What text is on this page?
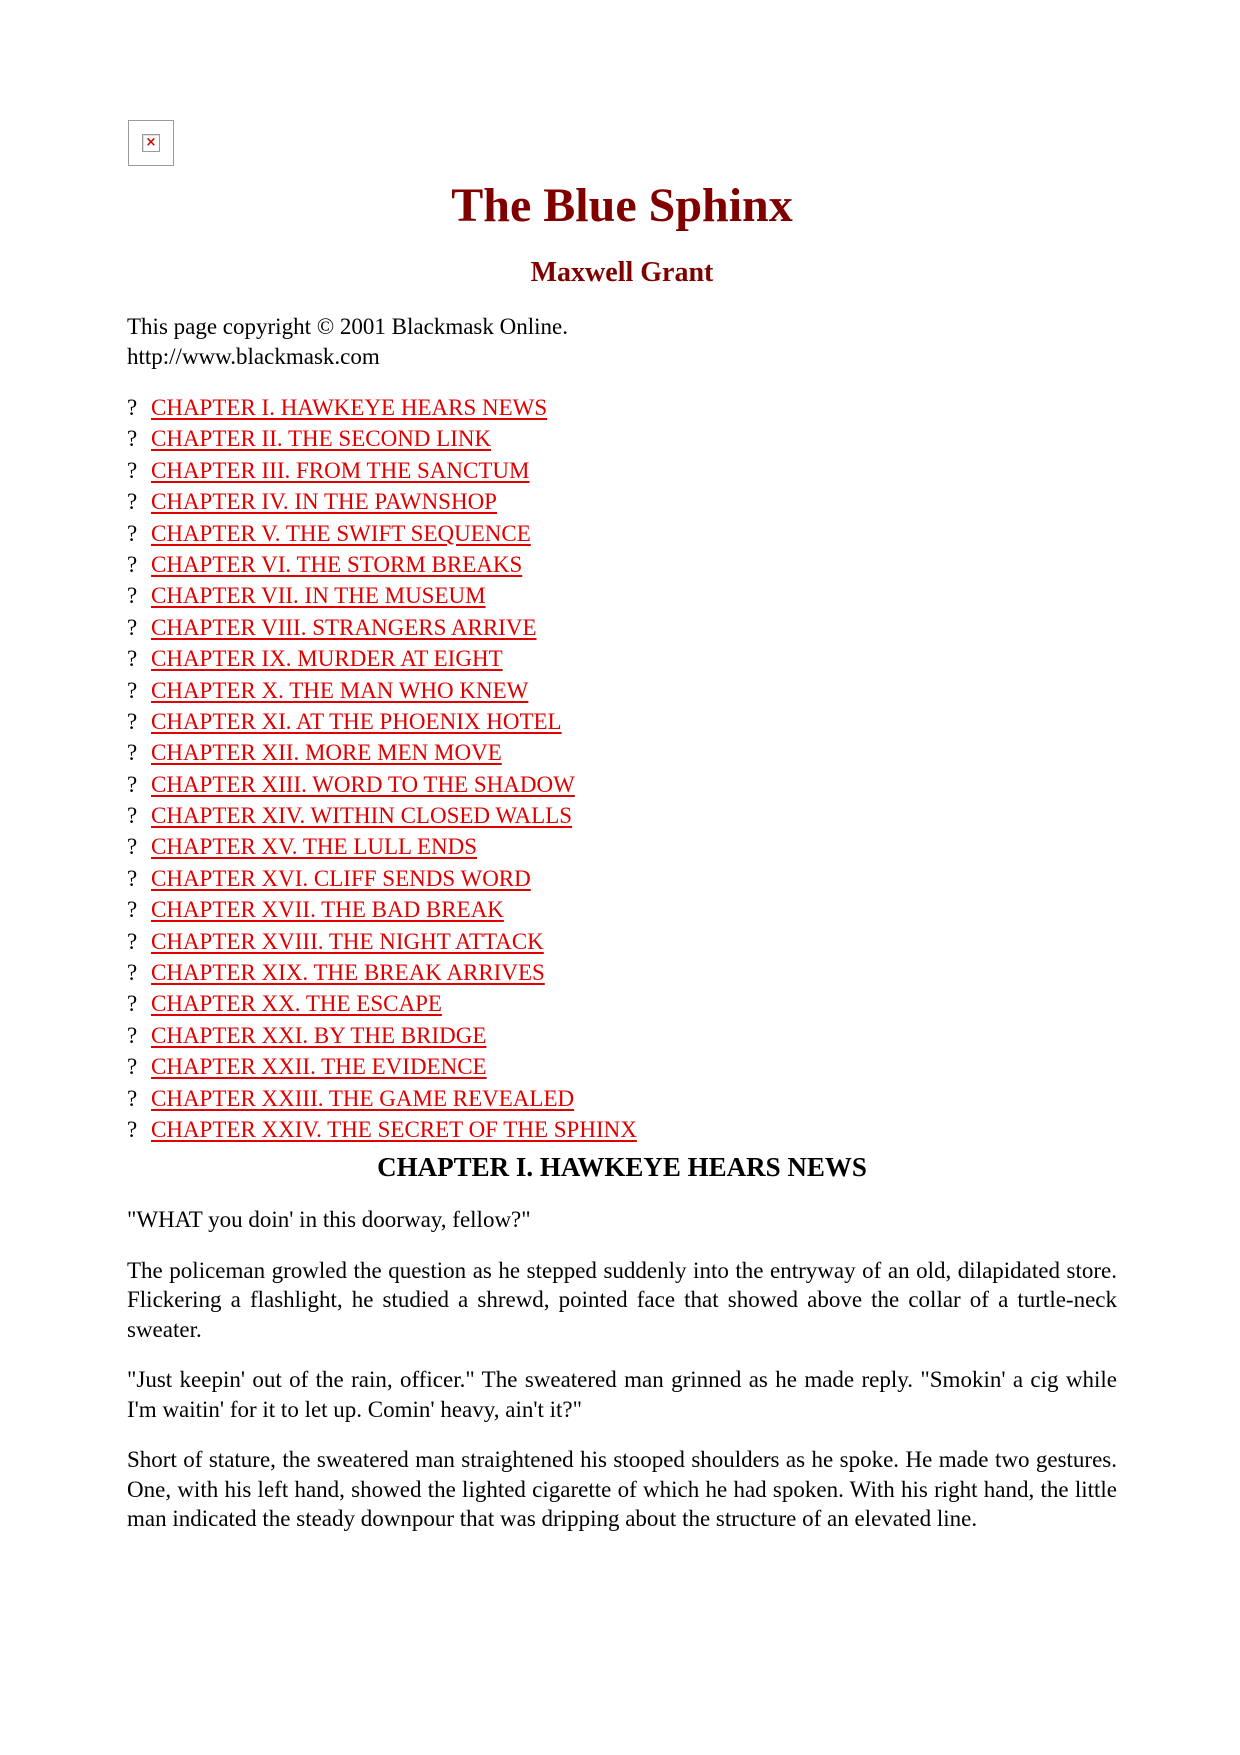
×
The Blue Sphinx
Maxwell Grant
This page copyright © 2001 Blackmask Online.
http://www.blackmask.com
? CHAPTER I. HAWKEYE HEARS NEWS
? CHAPTER II. THE SECOND LINK
? CHAPTER III. FROM THE SANCTUM
? CHAPTER IV. IN THE PAWNSHOP
? CHAPTER V. THE SWIFT SEQUENCE
? CHAPTER VI. THE STORM BREAKS
? CHAPTER VII. IN THE MUSEUM
? CHAPTER VIII. STRANGERS ARRIVE
? CHAPTER IX. MURDER AT EIGHT
? CHAPTER X. THE MAN WHO KNEW
? CHAPTER XI. AT THE PHOENIX HOTEL
? CHAPTER XII. MORE MEN MOVE
? CHAPTER XIII. WORD TO THE SHADOW
? CHAPTER XIV. WITHIN CLOSED WALLS
? CHAPTER XV. THE LULL ENDS
? CHAPTER XVI. CLIFF SENDS WORD
? CHAPTER XVII. THE BAD BREAK
? CHAPTER XVIII. THE NIGHT ATTACK
? CHAPTER XIX. THE BREAK ARRIVES
? CHAPTER XX. THE ESCAPE
? CHAPTER XXI. BY THE BRIDGE
? CHAPTER XXII. THE EVIDENCE
? CHAPTER XXIII. THE GAME REVEALED
? CHAPTER XXIV. THE SECRET OF THE SPHINX
CHAPTER I. HAWKEYE HEARS NEWS

"WHAT you doin' in this doorway, fellow?"

The policeman growled the question as he stepped suddenly into the entryway of an old, dilapidated store. Flickering a flashlight, he studied a shrewd, pointed face that showed above the collar of a turtle-neck sweater.

"Just keepin' out of the rain, officer." The sweatered man grinned as he made reply. "Smokin' a cig while I'm waitin' for it to let up. Comin' heavy, ain't it?"

Short of stature, the sweatered man straightened his stooped shoulders as he spoke. He made two gestures. One, with his left hand, showed the lighted cigarette of which he had spoken. With his right hand, the little man indicated the steady downpour that was dripping about the structure of an elevated line.
